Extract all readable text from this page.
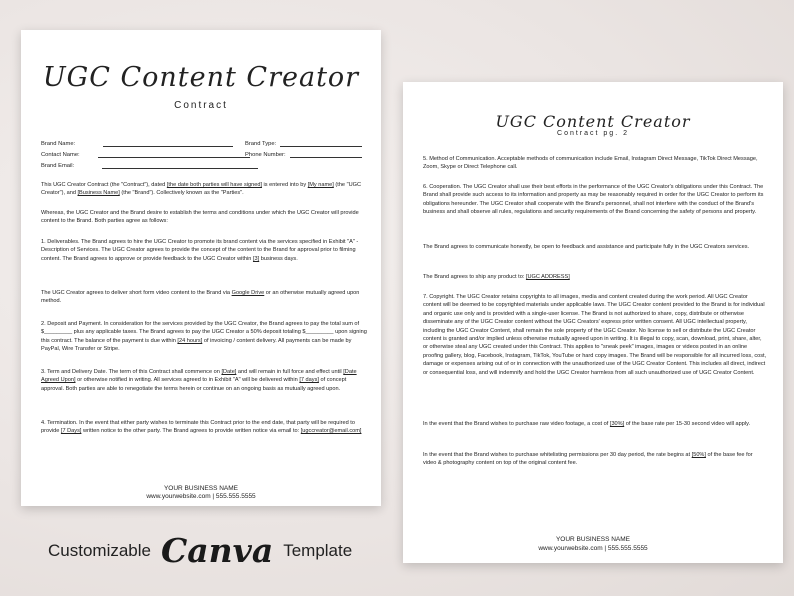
UGC Content Creator
Contract
Brand Name:	Brand Type:
Contact Name:	Phone Number:
Brand Email:

This UGC Creator Contract (the "Contract"), dated [the date both parties will have signed] is entered into by [My name] (the "UGC Creator"), and [Business Name] (the "Brand"). Collectively known as the "Parties".

Whereas, the UGC Creator and the Brand desire to establish the terms and conditions under which the UGC Creator will provide content to the Brand. Both parties agree as follows:

1. Deliverables. The Brand agrees to hire the UGC Creator to promote its brand content via the services specified in Exhibit "A" - Description of Services. The UGC Creator agrees to provide the concept of the content to the Brand for approval prior to filming content. The Brand agrees to approve or provide feedback to the UGC Creator within [3] business days.

The UGC Creator agrees to deliver short form video content to the Brand via Google Drive or an otherwise mutually agreed upon method.

2. Deposit and Payment. In consideration for the services provided by the UGC Creator, the Brand agrees to pay the total sum of $_________ plus any applicable taxes. The Brand agrees to pay the UGC Creator a 50% deposit totaling $_________ upon signing this contract. The balance of the payment is due within [24 hours] of invoicing / content delivery. All payments can be made by PayPal, Wire Transfer or Stripe.

3. Term and Delivery Date. The term of this Contract shall commence on [Date] and will remain in full force and effect until [Date Agreed Upon] or otherwise notified in writing. All services agreed to in Exhibit "A" will be delivered within [7 days] of concept approval. Both parties are able to renegotiate the terms herein or continue on an ongoing basis as mutually agreed upon.

4. Termination. In the event that either party wishes to terminate this Contract prior to the end date, that party will be required to provide [7 Days] written notice to the other party. The Brand agrees to provide written notice via email to: [ugccreator@email.com]

YOUR BUSINESS NAME
www.yourwebsite.com | 555.555.5555
UGC Content Creator
Contract pg. 2

5. Method of Communication. Acceptable methods of communication include Email, Instagram Direct Message, TikTok Direct Message, Zoom, Skype or Direct Telephone call.

6. Cooperation. The UGC Creator shall use their best efforts in the performance of the UGC Creator's obligations under this Contract. The Brand shall provide such access to its information and property as may be reasonably required in order for the UGC Creator to perform its obligations hereunder. The UGC Creator shall cooperate with the Brand's personnel, shall not interfere with the conduct of the Brand's business and shall observe all rules, regulations and security requirements of the Brand concerning the safety of persons and property.

The Brand agrees to communicate honestly, be open to feedback and assistance and participate fully in the UGC Creators services.

The Brand agrees to ship any product to: [UGC ADDRESS]

7. Copyright. The UGC Creator retains copyrights to all images, media and content created during the work period. All UGC Creator content will be deemed to be copyrighted materials under applicable laws. The UGC Creator content provided to the Brand is for individual and organic use only and is provided with a single-user license. The Brand is not authorized to share, copy, distribute or otherwise disseminate any of the UGC Creator content without the UGC Creators' express prior written consent. All UGC intellectual property, including the UGC Creator Content, shall remain the sole property of the UGC Creator. No license to sell or distribute the UGC Creator content is granted and/or implied unless otherwise mutually agreed upon in writing. It is illegal to copy, scan, download, print, share, alter, or otherwise steal any UGC created under this Contract. This applies to "sneak peek" images, images or videos posted in an online proofing gallery, blog, Facebook, Instagram, TikTok, YouTube or hard copy images. The Brand will be responsible for all incurred loss, cost, damage or expenses arising out of or in connection with the unauthorized use of the UGC Creator Content. This includes all direct, indirect or consequential loss, and will indemnify and hold the UGC Creator harmless from all such unauthorized use of UGC Creator Content.

In the event that the Brand wishes to purchase raw video footage, a cost of [30%] of the base rate per 15-30 second video will apply.

In the event that the Brand wishes to purchase whitelisting permissions per 30 day period, the rate begins at [50%] of the base fee for video & photography content on top of the original content fee.

YOUR BUSINESS NAME
www.yourwebsite.com | 555.555.5555
Customizable Canva Template
